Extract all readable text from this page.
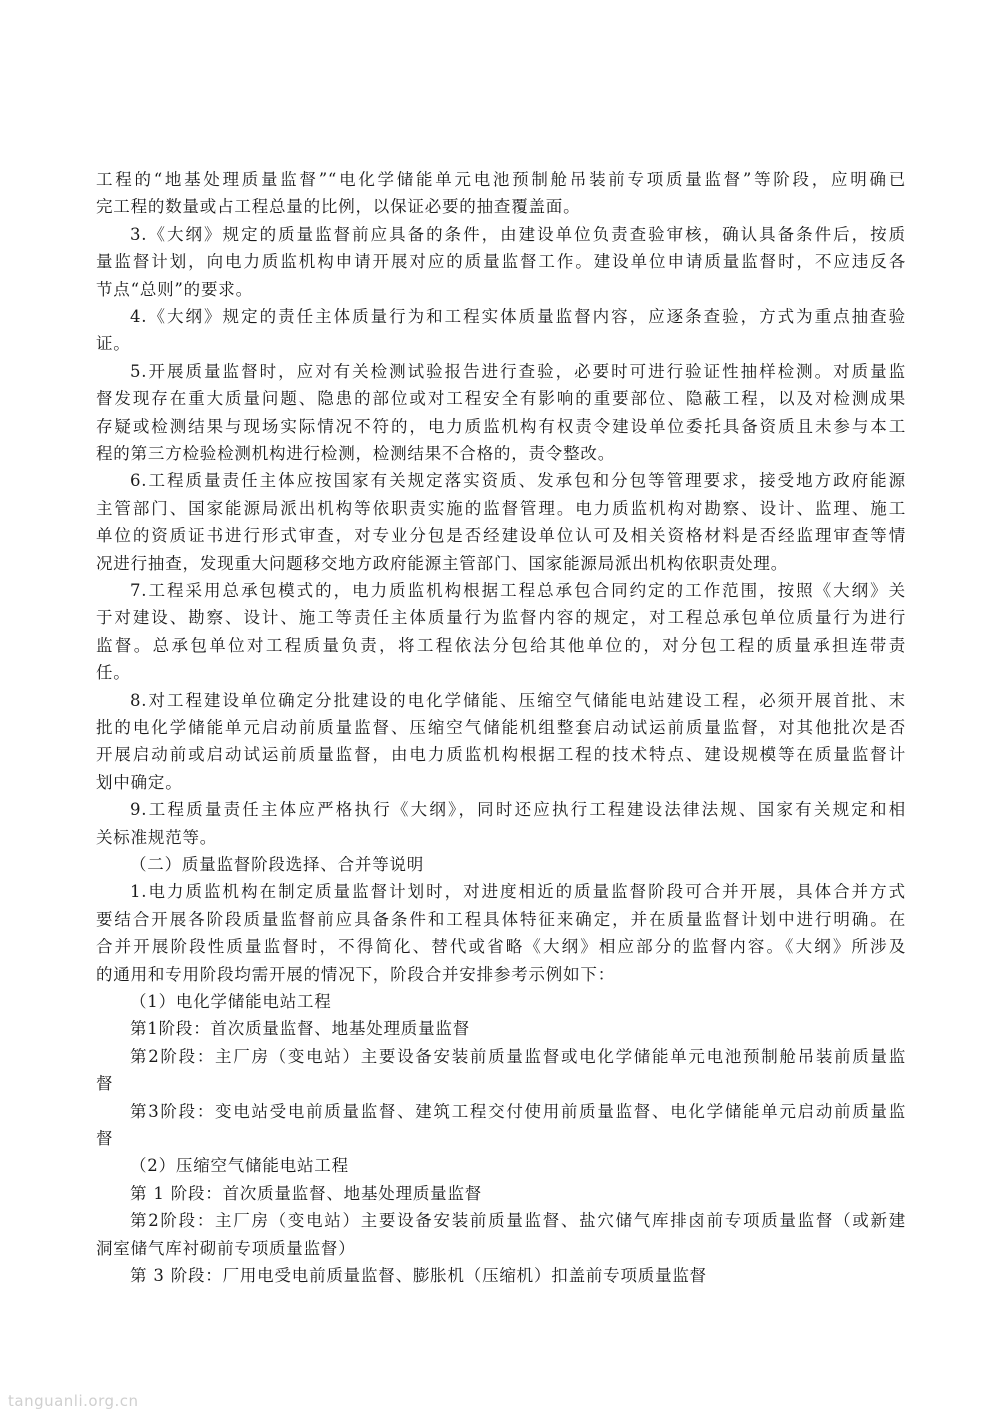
工程的“地基处理质量监督”“电化学储能单元电池预制舱吊装前专项质量监督”等阶段，应明确已
完工程的数量或占工程总量的比例，以保证必要的抽查覆盖面。
3.《大纲》规定的质量监督前应具备的条件，由建设单位负责查验审核，确认具备条件后，按质
量监督计划，向电力质监机构申请开展对应的质量监督工作。建设单位申请质量监督时，不应违反各
节点“总则”的要求。
4.《大纲》规定的责任主体质量行为和工程实体质量监督内容，应逐条查验，方式为重点抽查验
证。
5.开展质量监督时，应对有关检测试验报告进行查验，必要时可进行验证性抽样检测。对质量监
督发现存在重大质量问题、隐患的部位或对工程安全有影响的重要部位、隐蔽工程，以及对检测成果
存疑或检测结果与现场实际情况不符的，电力质监机构有权责令建设单位委托具备资质且未参与本工
程的第三方检验检测机构进行检测，检测结果不合格的，责令整改。
6.工程质量责任主体应按国家有关规定落实资质、发承包和分包等管理要求，接受地方政府能源
主管部门、国家能源局派出机构等依职责实施的监督管理。电力质监机构对勘察、设计、监理、施工
单位的资质证书进行形式审查，对专业分包是否经建设单位认可及相关资格材料是否经监理审查等情
况进行抽查，发现重大问题移交地方政府能源主管部门、国家能源局派出机构依职责处理。
7.工程采用总承包模式的，电力质监机构根据工程总承包合同约定的工作范围，按照《大纲》关
于对建设、勘察、设计、施工等责任主体质量行为监督内容的规定，对工程总承包单位质量行为进行
监督。总承包单位对工程质量负责，将工程依法分包给其他单位的，对分包工程的质量承担连带责
任。
8.对工程建设单位确定分批建设的电化学储能、压缩空气储能电站建设工程，必须开展首批、末
批的电化学储能单元启动前质量监督、压缩空气储能机组整套启动试运前质量监督，对其他批次是否
开展启动前或启动试运前质量监督，由电力质监机构根据工程的技术特点、建设规模等在质量监督计
划中确定。
9.工程质量责任主体应严格执行《大纲》，同时还应执行工程建设法律法规、国家有关规定和相
关标准规范等。
（二）质量监督阶段选择、合并等说明
1.电力质监机构在制定质量监督计划时，对进度相近的质量监督阶段可合并开展，具体合并方式
要结合开展各阶段质量监督前应具备条件和工程具体特征来确定，并在质量监督计划中进行明确。在
合并开展阶段性质量监督时，不得简化、替代或省略《大纲》相应部分的监督内容。《大纲》所涉及
的通用和专用阶段均需开展的情况下，阶段合并安排参考示例如下：
（1）电化学储能电站工程
第1阶段：首次质量监督、地基处理质量监督
第2阶段：主厂房（变电站）主要设备安装前质量监督或电化学储能单元电池预制舱吊装前质量监
督
第3阶段：变电站受电前质量监督、建筑工程交付使用前质量监督、电化学储能单元启动前质量监
督
（2）压缩空气储能电站工程
第 1 阶段：首次质量监督、地基处理质量监督
第2阶段：主厂房（变电站）主要设备安装前质量监督、盐穴储气库排卤前专项质量监督（或新建
洞室储气库衬砌前专项质量监督）
第 3 阶段：厂用电受电前质量监督、膨胀机（压缩机）扣盖前专项质量监督
tanguanli.org.cn
